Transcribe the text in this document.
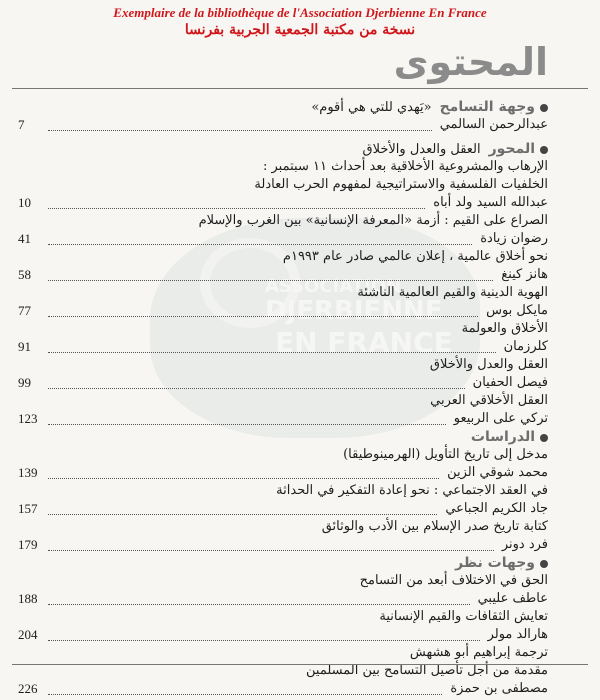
Exemplaire de la bibliothèque de l'Association Djerbienne En France
نسخة من مكتبة الجمعية الجربية بفرنسا
المحتوى
ASSOCIATION
DJERBIENNE
EN FRANCE
وجهة التسامح«يَهدي للتي هي أقوم»
عبدالرحمن السالمي
7
المحورالعقل والعدل والأخلاق
الإرهاب والمشروعية الأخلاقية بعد أحداث ١١ سبتمبر :
الخلفيات الفلسفية والاستراتيجية لمفهوم الحرب العادلة
عبدالله السيد ولد أباه
10
الصراع على القيم : أزمة «المعرفة الإنسانية» بين الغرب والإسلام
رضوان زيادة
41
نحو أخلاق عالمية ، إعلان عالمي صادر عام ١٩٩٣م
هانز كينغ
58
الهوية الدينية والقيم العالمية الناشئة
مايكل بوس
77
الأخلاق والعولمة
كلرزمان
91
العقل والعدل والأخلاق
فيصل الحفيان
99
العقل الأخلاقي العربي
تركي على الربيعو
123
الدراسات
مدخل إلى تاريخ التأويل (الهرمينوطيقا)
محمد شوقي الزين
139
في العقد الاجتماعي : نحو إعادة التفكير في الحداثة
جاد الكريم الجباعي
157
كتابة تاريخ صدر الإسلام بين الأدب والوثائق
فرد دونر
179
وجهات نظر
الحق في الاختلاف أبعد من التسامح
عاطف عليبي
188
تعايش الثقافات والقيم الإنسانية
هارالد مولر
204
ترجمة إبراهيم أبو هشهش
مقدمة من أجل تأصيل التسامح بين المسلمين
مصطفى بن حمزة
226
